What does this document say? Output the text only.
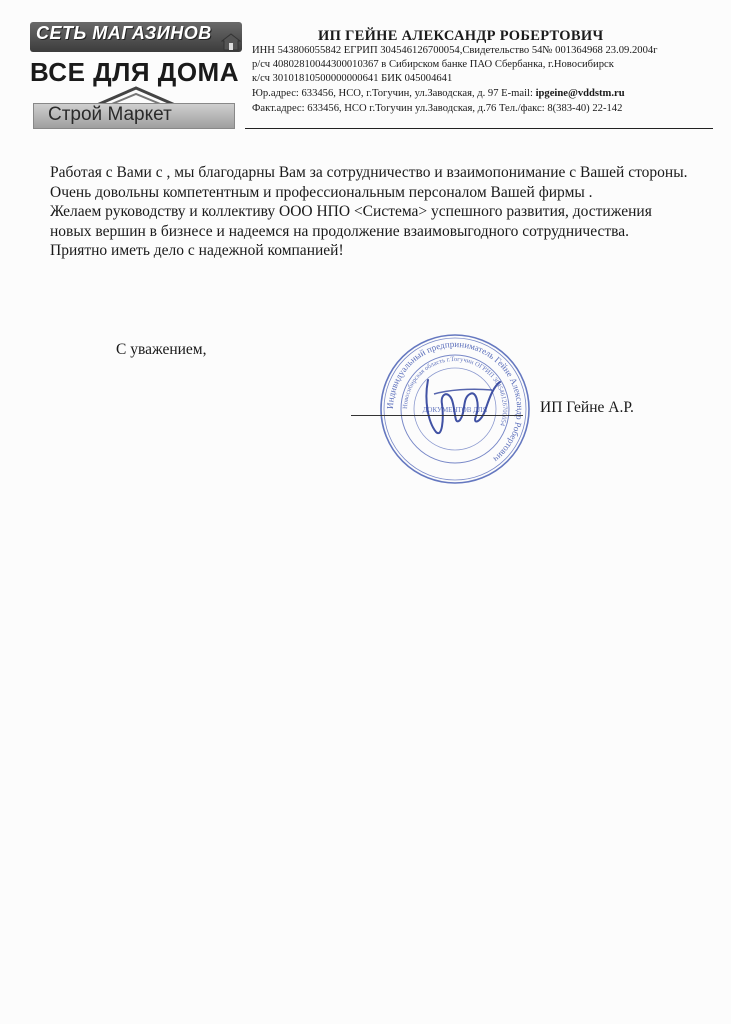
СЕТЬ МАГАЗИНОВ
ВСЕ ДЛЯ ДОМА
Строй Маркет
ИП ГЕЙНЕ АЛЕКСАНДР РОБЕРТОВИЧ
ИНН 543806055842 ЕГРИП 304546126700054,Свидетельство 54№ 001364968 23.09.2004г
р/сч 40802810044300010367 в Сибирском банке ПАО Сбербанка, г.Новосибирск
к/сч 30101810500000000641 БИК 045004641
Юр.адрес: 633456, НСО, г.Тогучин, ул.Заводская, д. 97 E-mail: ipgeine@vddstm.ru
Факт.адрес: 633456, НСО г.Тогучин ул.Заводская, д.76 Тел./факс: 8(383-40) 22-142

Работая с Вами с , мы благодарны Вам за сотрудничество и взаимопонимание с Вашей стороны. Очень довольны компетентным и профессиональным персоналом Вашей фирмы .

Желаем руководству и коллективу ООО НПО <Система> успешного развития, достижения новых вершин в бизнесе и надеемся на продолжение взаимовыгодного сотрудничества. Приятно иметь дело с надежной компанией!

С уважением,
Индивидуальный предприниматель Гейне Александр Робертович
Новосибирская область г.Тогучин ОГРИП 304546126700054
ДОКУМЕНТОВ ДЛЯ	ИП Гейне А.Р.
